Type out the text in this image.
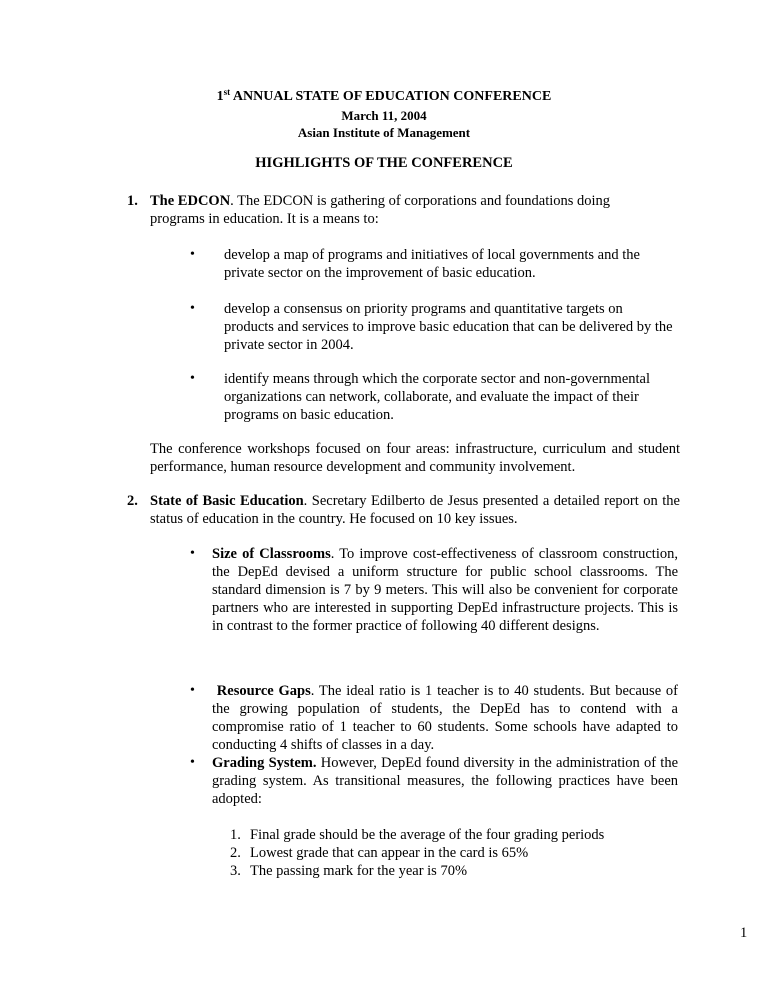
1st ANNUAL STATE OF EDUCATION CONFERENCE
March 11, 2004
Asian Institute of Management
HIGHLIGHTS OF THE CONFERENCE
1. The EDCON. The EDCON is gathering of corporations and foundations doing programs in education. It is a means to:
• develop a map of programs and initiatives of local governments and the private sector on the improvement of basic education.
• develop a consensus on priority programs and quantitative targets on products and services to improve basic education that can be delivered by the private sector in 2004.
• identify means through which the corporate sector and non-governmental organizations can network, collaborate, and evaluate the impact of their programs on basic education.
The conference workshops focused on four areas: infrastructure, curriculum and student performance, human resource development and community involvement.
2. State of Basic Education. Secretary Edilberto de Jesus presented a detailed report on the status of education in the country. He focused on 10 key issues.
• Size of Classrooms. To improve cost-effectiveness of classroom construction, the DepEd devised a uniform structure for public school classrooms. The standard dimension is 7 by 9 meters. This will also be convenient for corporate partners who are interested in supporting DepEd infrastructure projects. This is in contrast to the former practice of following 40 different designs.
•	Resource Gaps. The ideal ratio is 1 teacher is to 40 students. But because of the growing population of students, the DepEd has to contend with a compromise ratio of 1 teacher to 60 students. Some schools have adapted to conducting 4 shifts of classes in a day.
• Grading System. However, DepEd found diversity in the administration of the grading system. As transitional measures, the following practices have been adopted:
1. Final grade should be the average of the four grading periods
2. Lowest grade that can appear in the card is 65%
3. The passing mark for the year is 70%
1
